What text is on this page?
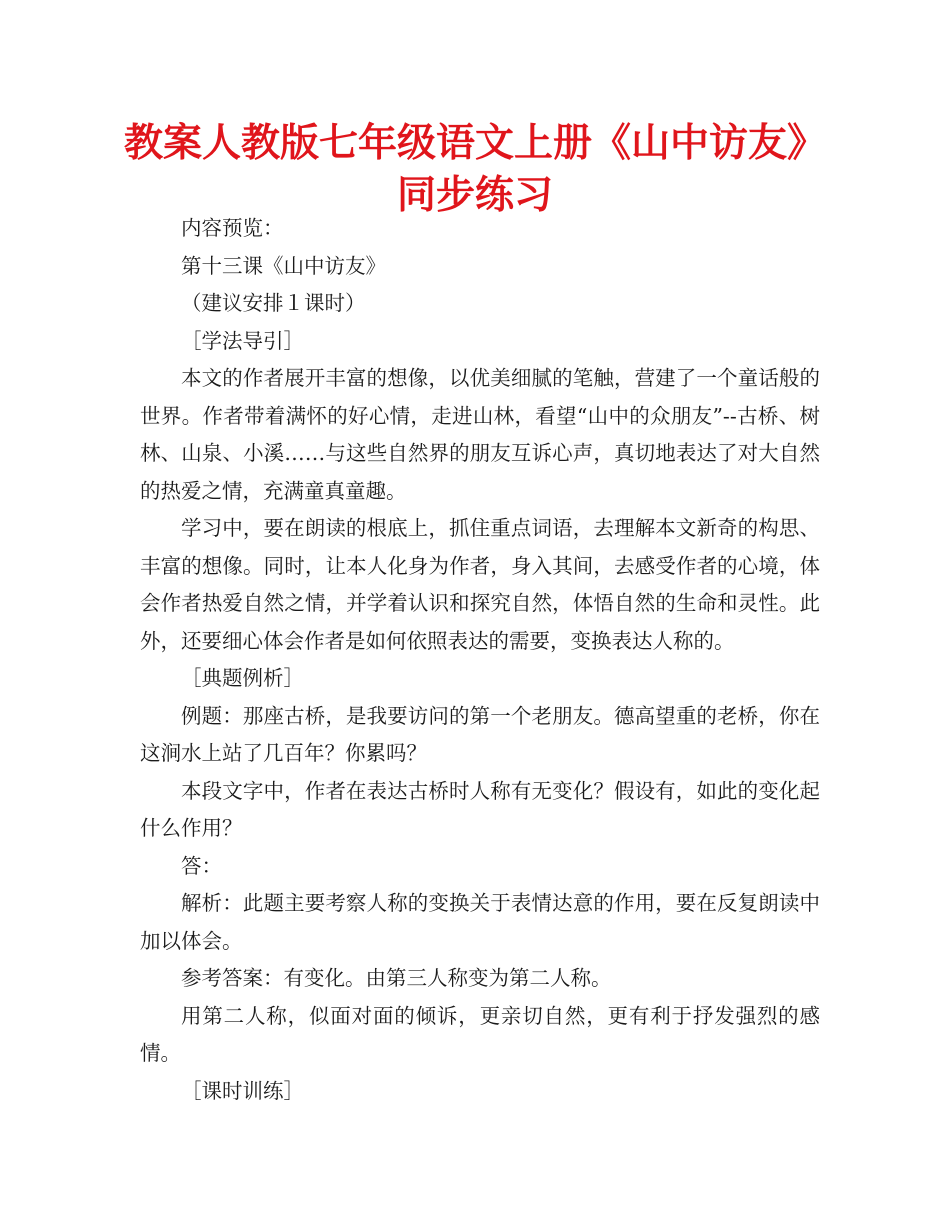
教案人教版七年级语文上册《山中访友》
同步练习

内容预览：

第十三课《山中访友》

（建议安排１课时）

［学法导引］

本文的作者展开丰富的想像，以优美细腻的笔触，营建了一个童话般的世界。作者带着满怀的好心情，走进山林，看望“山中的众朋友”--古桥、树林、山泉、小溪……与这些自然界的朋友互诉心声，真切地表达了对大自然的热爱之情，充满童真童趣。

学习中，要在朗读的根底上，抓住重点词语，去理解本文新奇的构思、丰富的想像。同时，让本人化身为作者，身入其间，去感受作者的心境，体会作者热爱自然之情，并学着认识和探究自然，体悟自然的生命和灵性。此外，还要细心体会作者是如何依照表达的需要，变换表达人称的。

［典题例析］

例题：那座古桥，是我要访问的第一个老朋友。德高望重的老桥，你在这涧水上站了几百年？你累吗？

本段文字中，作者在表达古桥时人称有无变化？假设有，如此的变化起什么作用？

答：

解析：此题主要考察人称的变换关于表情达意的作用，要在反复朗读中加以体会。

参考答案：有变化。由第三人称变为第二人称。

用第二人称，似面对面的倾诉，更亲切自然，更有利于抒发强烈的感情。

［课时训练］
